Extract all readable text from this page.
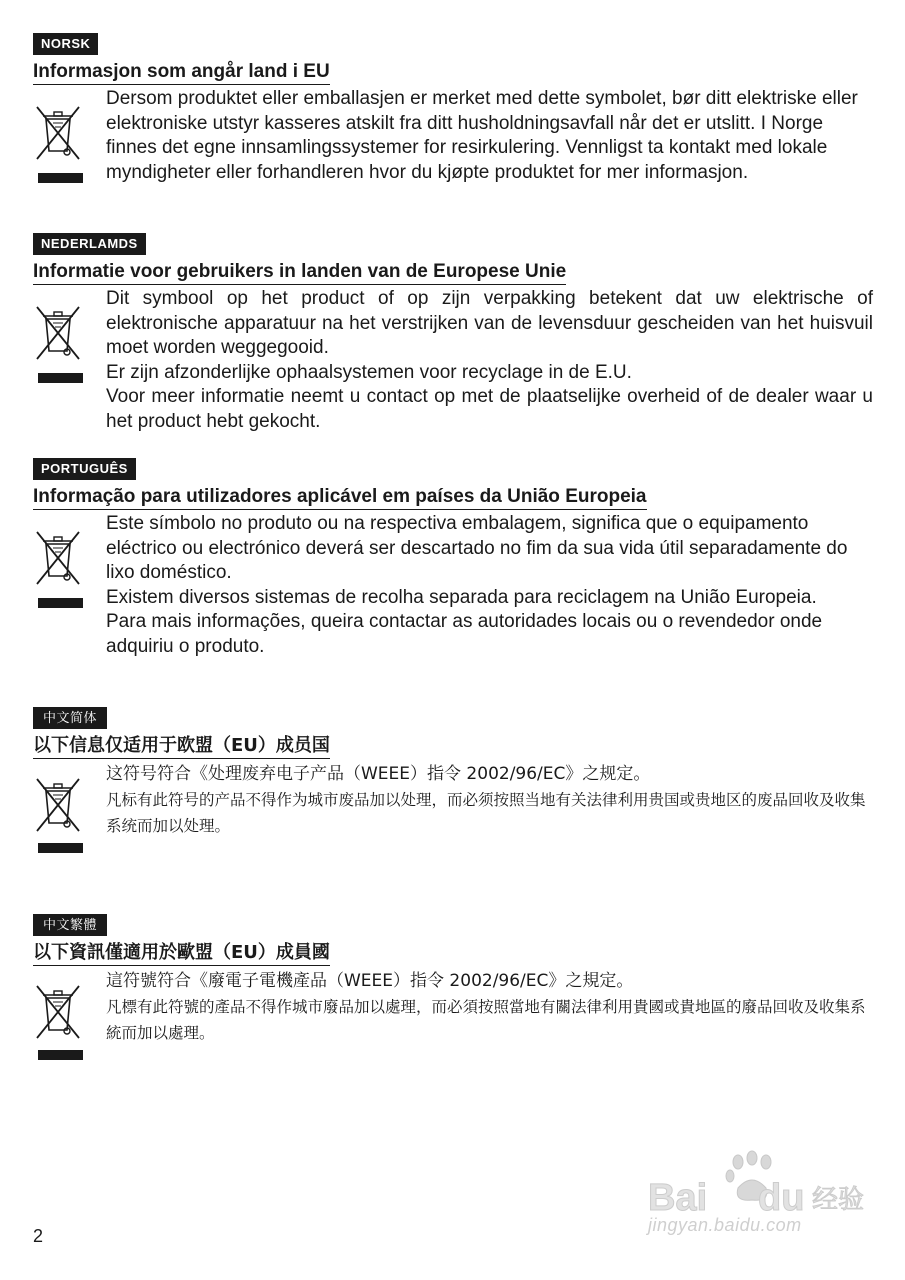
NORSK
Informasjon som angår land i EU

Dersom produktet eller emballasjen er merket med dette symbolet, bør ditt elektriske eller elektroniske utstyr kasseres atskilt fra ditt husholdningsavfall når det er utslitt. I Norge finnes det egne innsamlingssystemer for resirkulering. Vennligst ta kontakt med lokale myndigheter eller forhandleren hvor du kjøpte produktet for mer informasjon.

NEDERLAMDS
Informatie voor gebruikers in landen van de Europese Unie

Dit symbool op het product of op zijn verpakking betekent dat uw elektrische of elektronische apparatuur na het verstrijken van de levensduur gescheiden van het huisvuil moet worden weggegooid.

Er zijn afzonderlijke ophaalsystemen voor recyclage in de E.U.

Voor meer informatie neemt u contact op met de plaatselijke overheid of de dealer waar u het product hebt gekocht.

PORTUGUÊS
Informação para utilizadores aplicável em países da União Europeia

Este símbolo no produto ou na respectiva embalagem, significa que o equipamento eléctrico ou electrónico deverá ser descartado no fim da sua vida útil separadamente do lixo doméstico.

Existem diversos sistemas de recolha separada para reciclagem na União Europeia.

Para mais informações, queira contactar as autoridades locais ou o revendedor onde adquiriu o produto.

中文简体
以下信息仅适用于欧盟（EU）成员国

这符号符合《处理废弃电子产品（WEEE）指令 2002/96/EC》之规定。

凡标有此符号的产品不得作为城市废品加以处理，而必须按照当地有关法律利用贵国或贵地区的废品回收及收集系统而加以处理。

中文繁體
以下資訊僅適用於歐盟（EU）成員國

這符號符合《廢電子電機產品（WEEE）指令 2002/96/EC》之規定。

凡標有此符號的產品不得作城市廢品加以處理，而必須按照當地有關法律利用貴國或貴地區的廢品回收及收集系統而加以處理。

2
Bai du 经验
jingyan.baidu.com
